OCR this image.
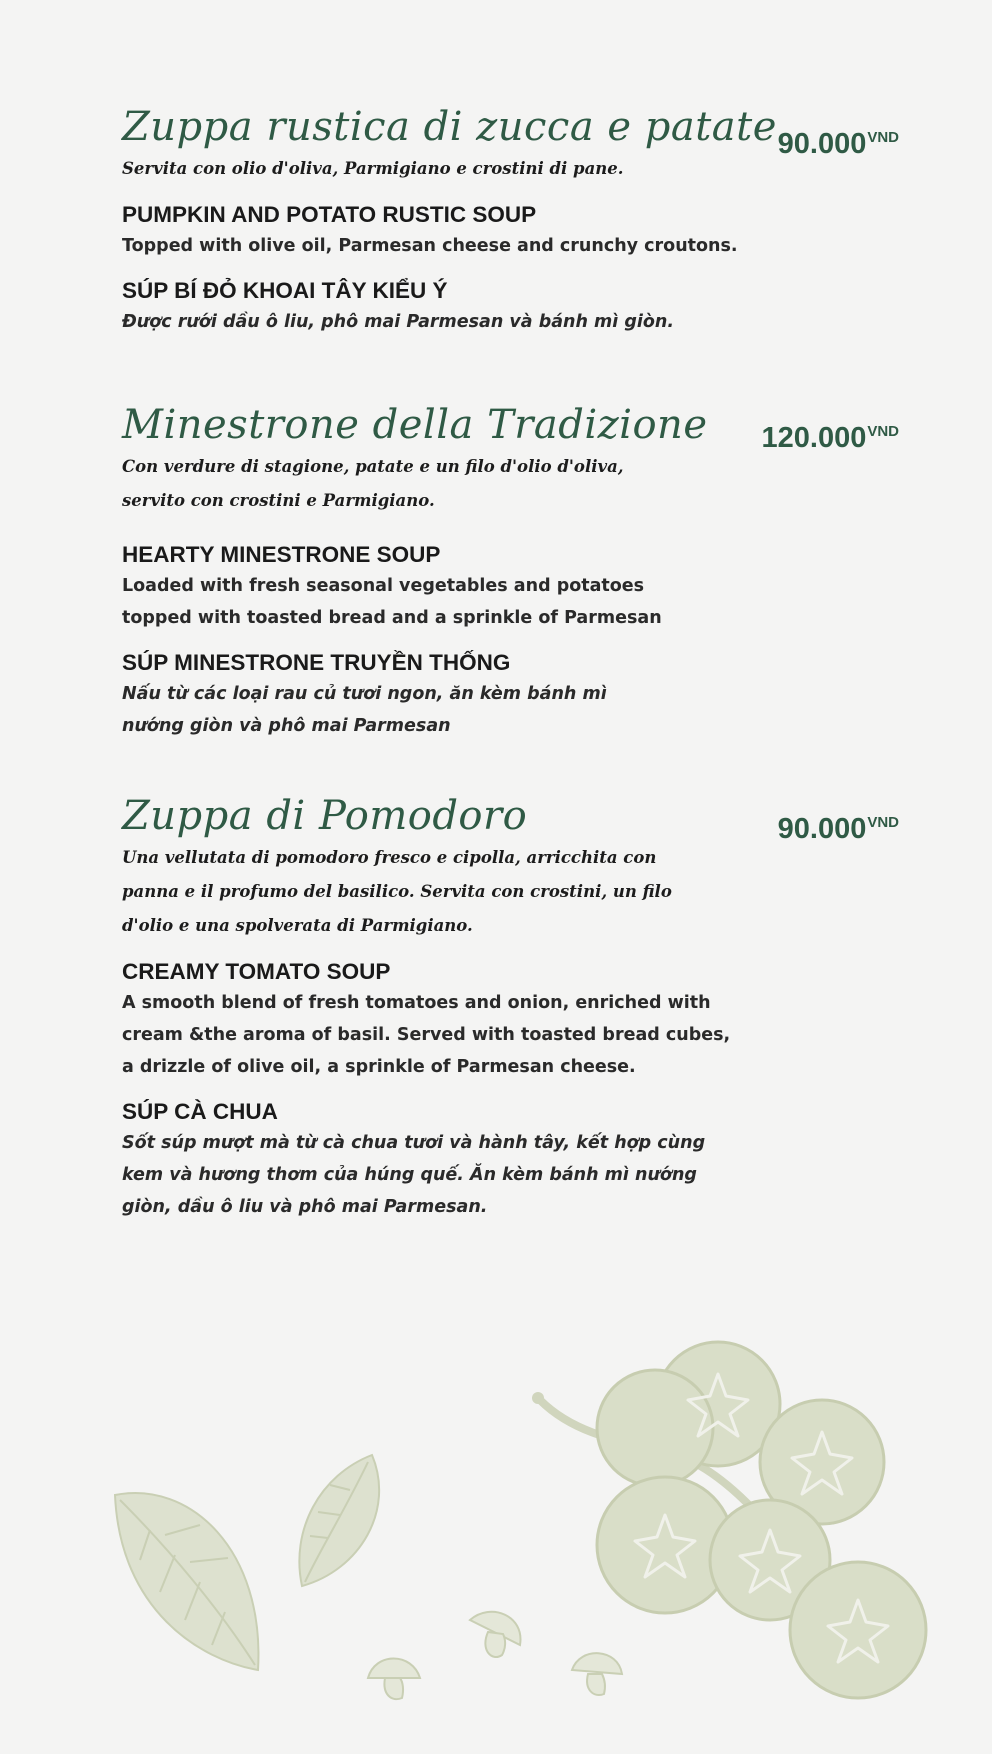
Zuppa rustica di zucca e patate
Servita con olio d'oliva, Parmigiano e crostini di pane.
PUMPKIN AND POTATO RUSTIC SOUP
Topped with olive oil, Parmesan cheese and crunchy croutons.
SÚP BÍ ĐỎ KHOAI TÂY KIỂU Ý
Được rưới dầu ô liu, phô mai Parmesan và bánh mì giòn.
$90.000^{VND}$
Minestrone della Tradizione
Con verdure di stagione, patate e un filo d'olio d'oliva,
servito con crostini e Parmigiano.
HEARTY MINESTRONE SOUP
Loaded with fresh seasonal vegetables and potatoes
topped with toasted bread and a sprinkle of Parmesan
SÚP MINESTRONE TRUYỀN THỐNG
Nấu từ các loại rau củ tươi ngon, ăn kèm bánh mì
nướng giòn và phô mai Parmesan
$120.000^{VND}$
Zuppa di Pomodoro
Una vellutata di pomodoro fresco e cipolla, arricchita con
panna e il profumo del basilico. Servita con crostini, un filo
d'olio e una spolverata di Parmigiano.
CREAMY TOMATO SOUP
A smooth blend of fresh tomatoes and onion, enriched with
cream &the aroma of basil. Served with toasted bread cubes,
a drizzle of olive oil, a sprinkle of Parmesan cheese.
SÚP CÀ CHUA
Sốt súp mượt mà từ cà chua tươi và hành tây, kết hợp cùng
kem và hương thơm của húng quế. Ăn kèm bánh mì nướng
giòn, dầu ô liu và phô mai Parmesan.
$90.000^{VND}$
